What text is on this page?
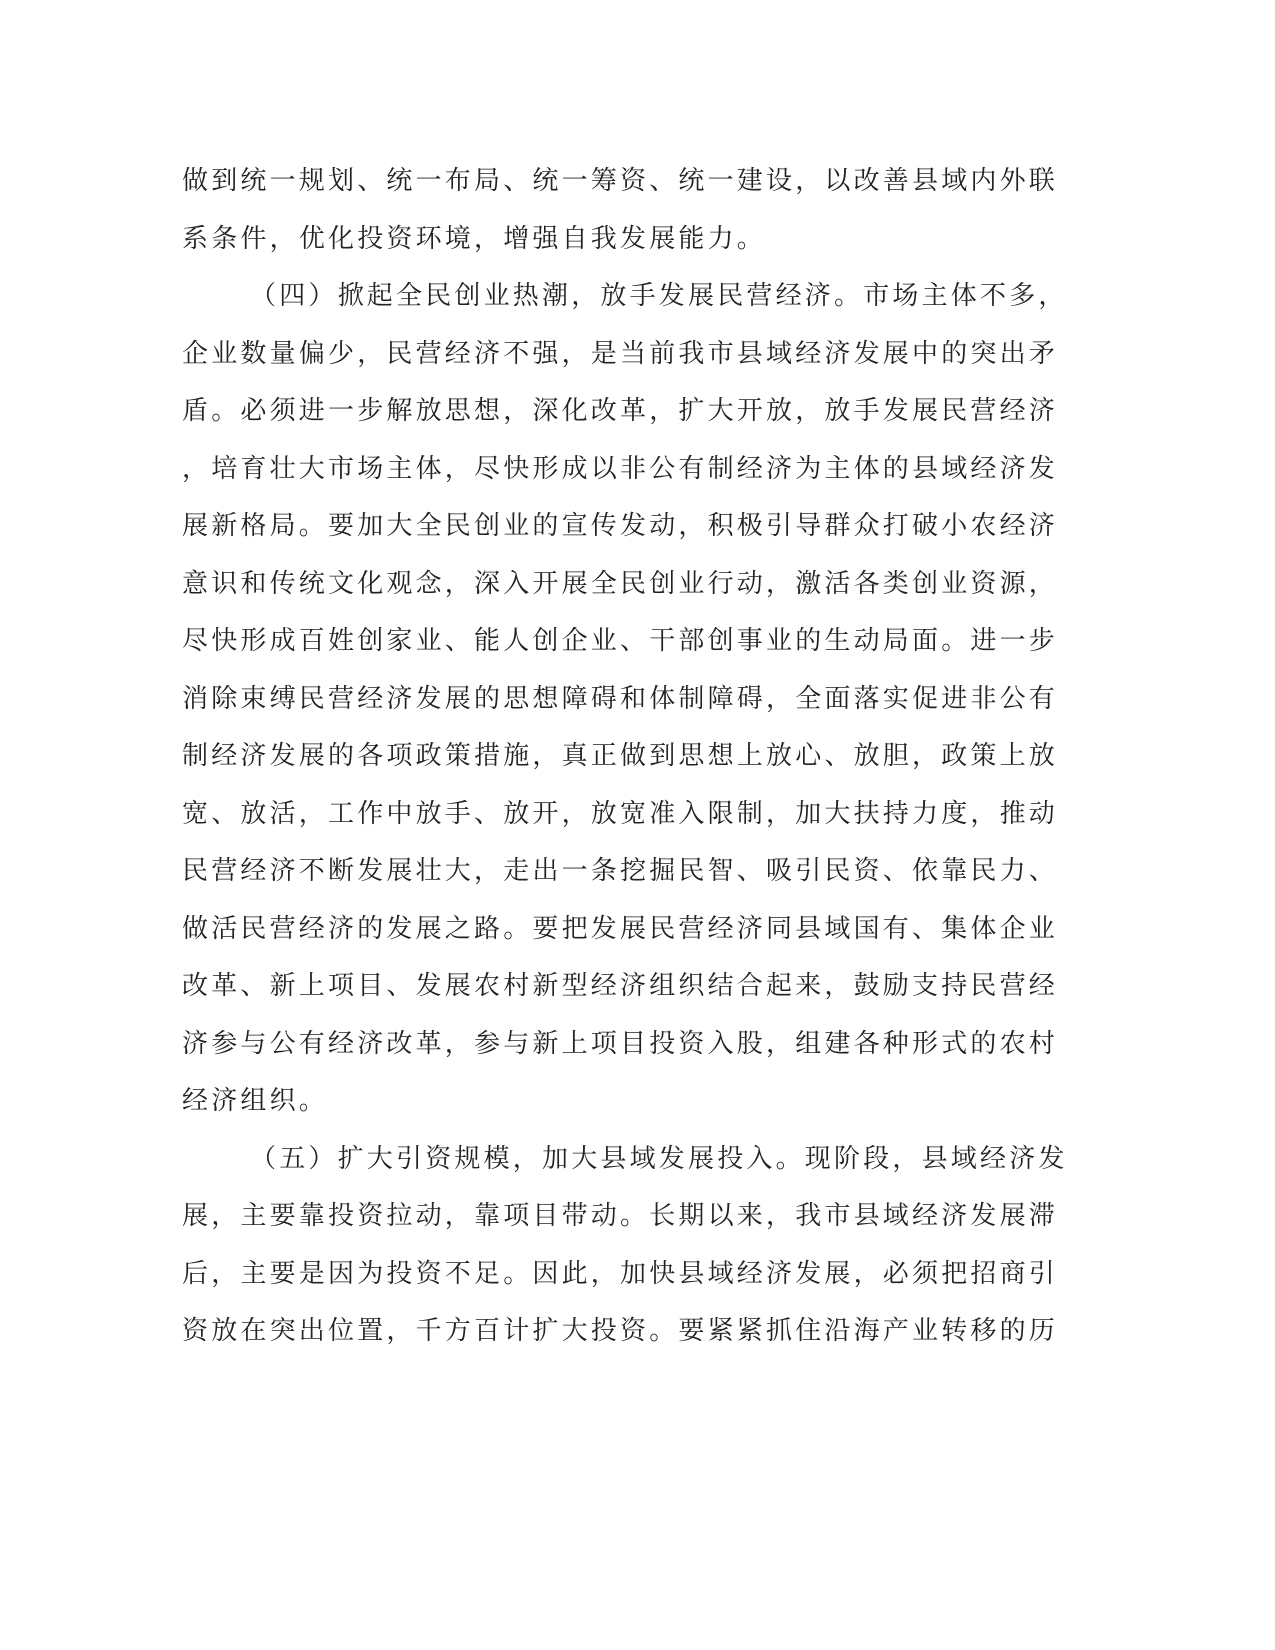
做到统一规划、统一布局、统一筹资、统一建设，以改善县域内外联
系条件，优化投资环境，增强自我发展能力。
（四）掀起全民创业热潮，放手发展民营经济。市场主体不多，
企业数量偏少，民营经济不强，是当前我市县域经济发展中的突出矛
盾。必须进一步解放思想，深化改革，扩大开放，放手发展民营经济
，培育壮大市场主体，尽快形成以非公有制经济为主体的县域经济发
展新格局。要加大全民创业的宣传发动，积极引导群众打破小农经济
意识和传统文化观念，深入开展全民创业行动，激活各类创业资源，
尽快形成百姓创家业、能人创企业、干部创事业的生动局面。进一步
消除束缚民营经济发展的思想障碍和体制障碍，全面落实促进非公有
制经济发展的各项政策措施，真正做到思想上放心、放胆，政策上放
宽、放活，工作中放手、放开，放宽准入限制，加大扶持力度，推动
民营经济不断发展壮大，走出一条挖掘民智、吸引民资、依靠民力、
做活民营经济的发展之路。要把发展民营经济同县域国有、集体企业
改革、新上项目、发展农村新型经济组织结合起来，鼓励支持民营经
济参与公有经济改革，参与新上项目投资入股，组建各种形式的农村
经济组织。
（五）扩大引资规模，加大县域发展投入。现阶段，县域经济发
展，主要靠投资拉动，靠项目带动。长期以来，我市县域经济发展滞
后，主要是因为投资不足。因此，加快县域经济发展，必须把招商引
资放在突出位置，千方百计扩大投资。要紧紧抓住沿海产业转移的历
